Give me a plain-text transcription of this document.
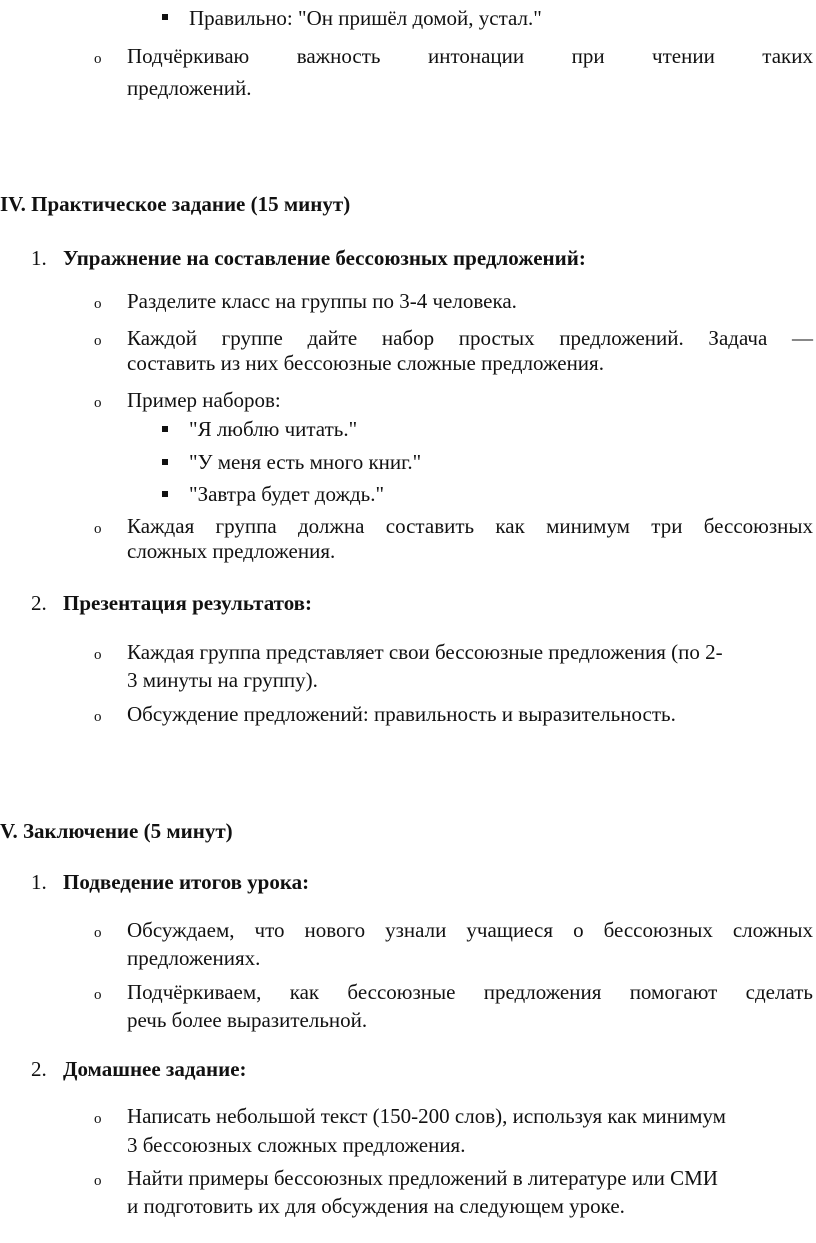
Правильно: "Он пришёл домой, устал."
o Подчёркиваю важность интонации при чтении таких
предложений.
IV. Практическое задание (15 минут)
1. Упражнение на составление бессоюзных предложений:
o Разделите класс на группы по 3-4 человека.
o Каждой группе дайте набор простых предложений. Задача —
составить из них бессоюзные сложные предложения.
o Пример наборов:
"Я люблю читать."
"У меня есть много книг."
"Завтра будет дождь."
o Каждая группа должна составить как минимум три бессоюзных
сложных предложения.
2. Презентация результатов:
o Каждая группа представляет свои бессоюзные предложения (по 2-
3 минуты на группу).
o Обсуждение предложений: правильность и выразительность.
V. Заключение (5 минут)
1. Подведение итогов урока:
o Обсуждаем, что нового узнали учащиеся о бессоюзных сложных
предложениях.
o Подчёркиваем, как бессоюзные предложения помогают сделать
речь более выразительной.
2. Домашнее задание:
o Написать небольшой текст (150-200 слов), используя как минимум
3 бессоюзных сложных предложения.
o Найти примеры бессоюзных предложений в литературе или СМИ
и подготовить их для обсуждения на следующем уроке.
